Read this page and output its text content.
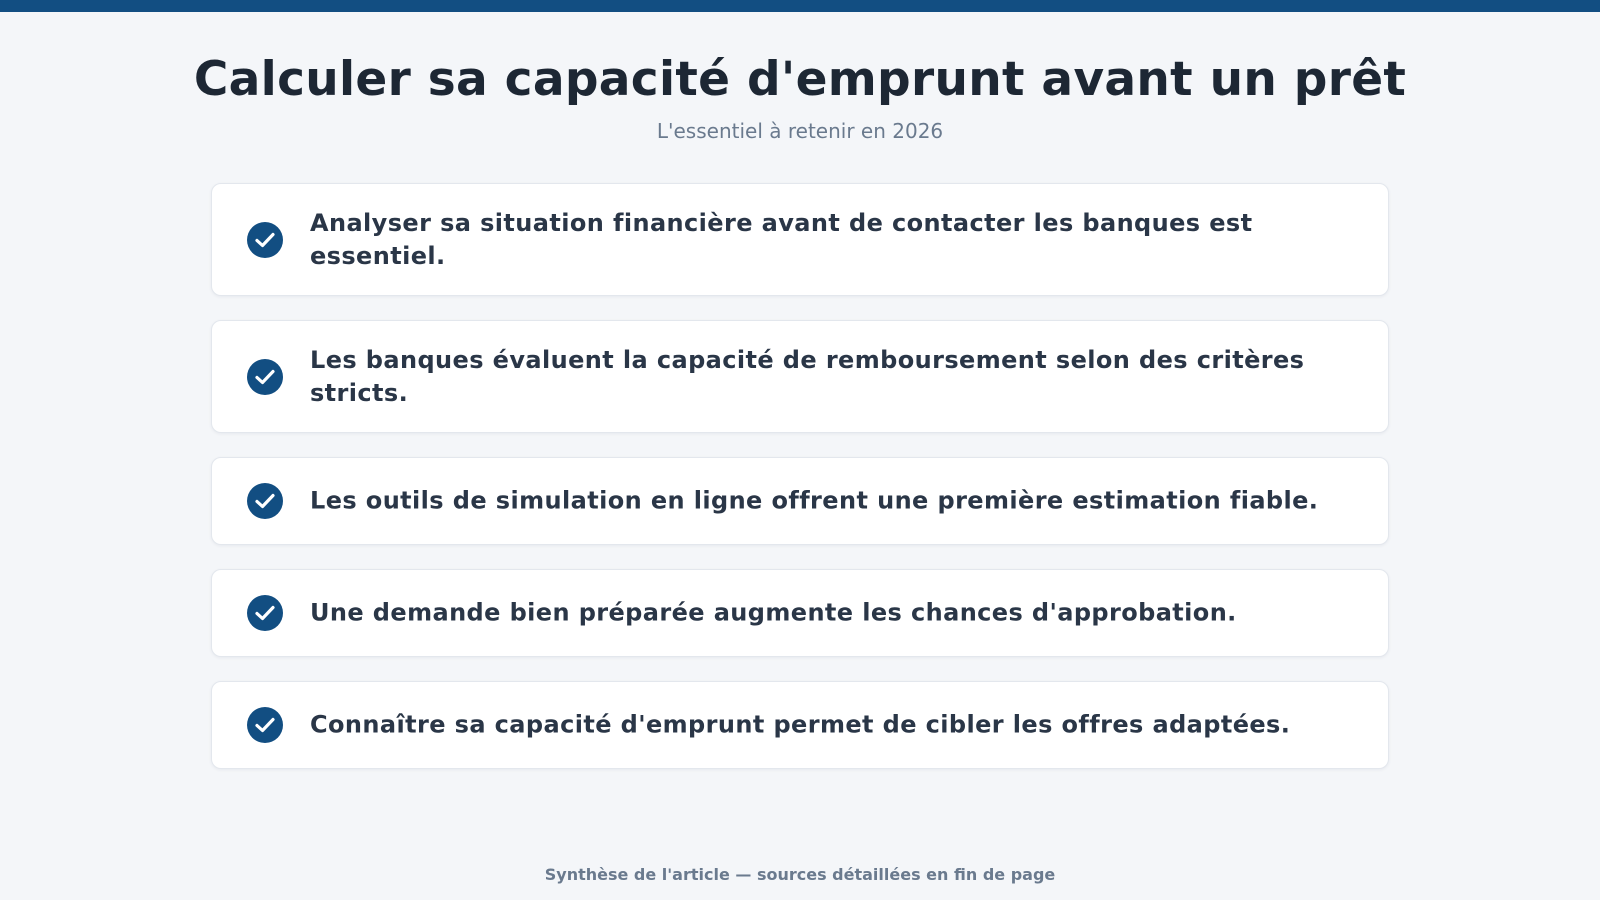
Calculer sa capacité d'emprunt avant un prêt
L'essentiel à retenir en 2026
Analyser sa situation financière avant de contacter les banques est essentiel.
Les banques évaluent la capacité de remboursement selon des critères stricts.
Les outils de simulation en ligne offrent une première estimation fiable.
Une demande bien préparée augmente les chances d'approbation.
Connaître sa capacité d'emprunt permet de cibler les offres adaptées.
Synthèse de l'article — sources détaillées en fin de page
